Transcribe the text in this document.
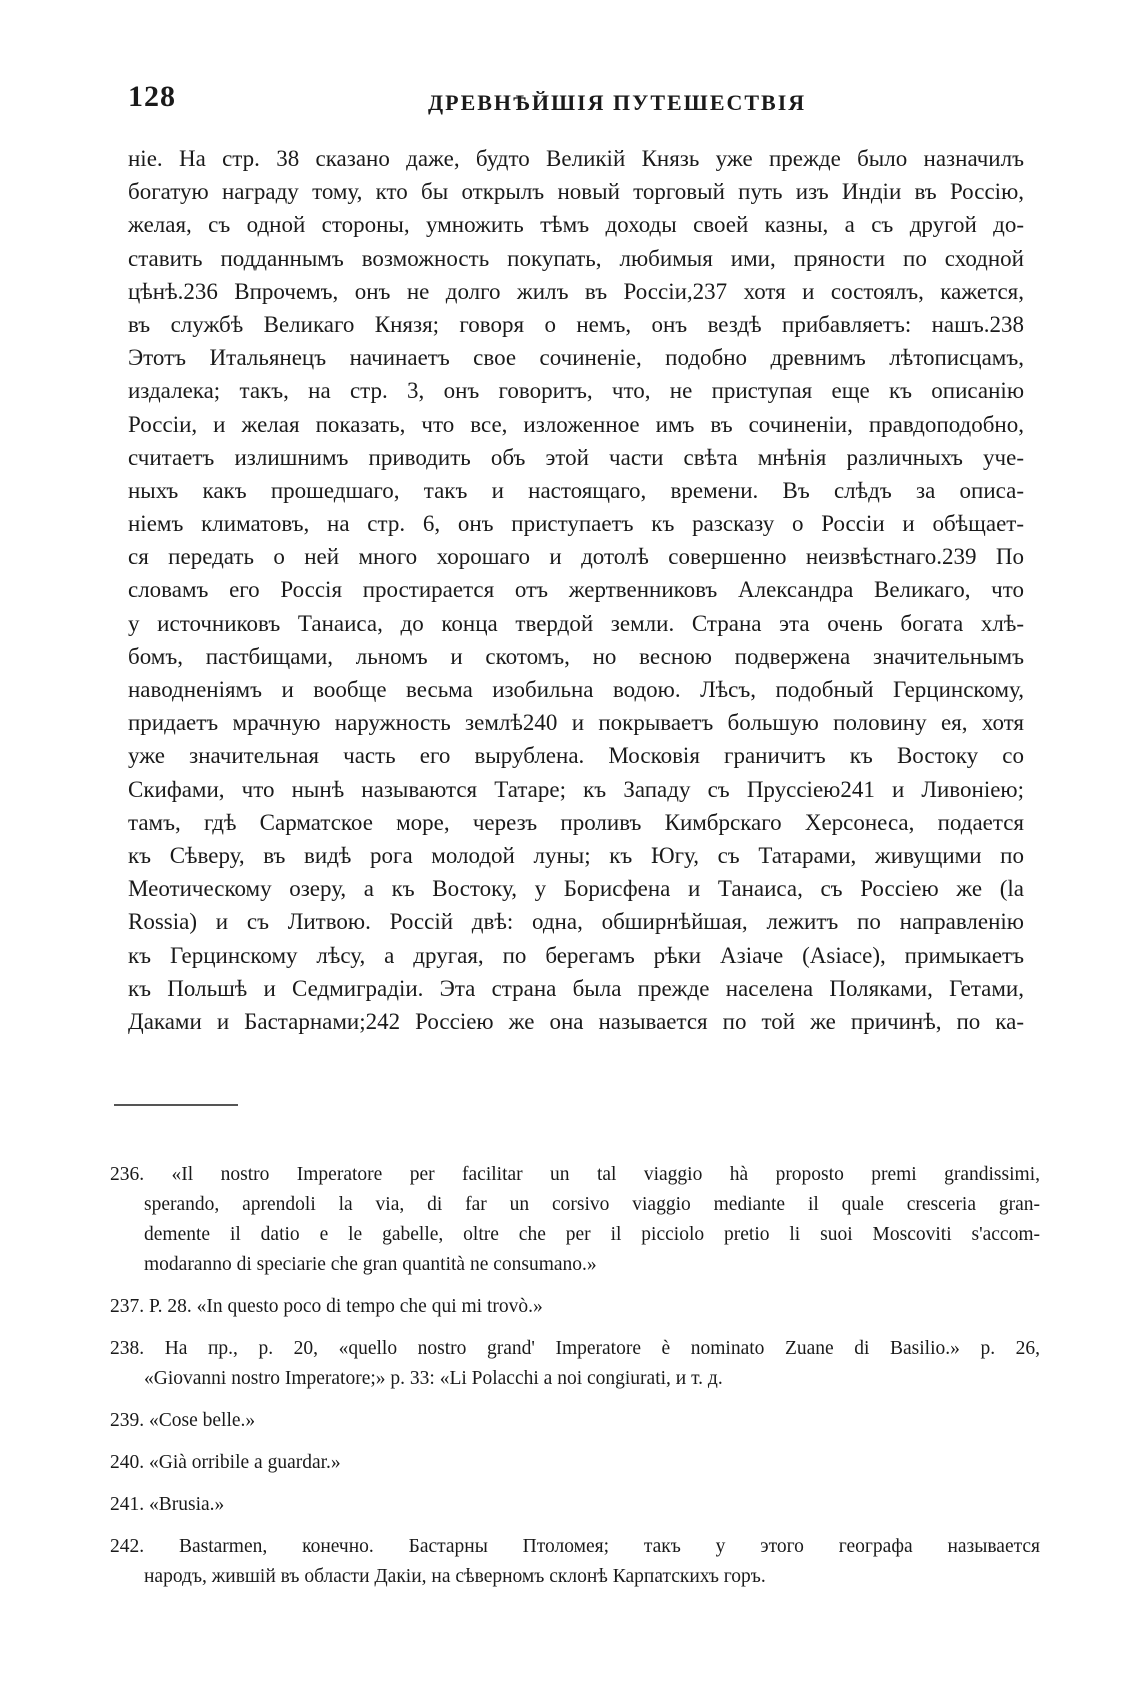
128	ДРЕВНѢЙШІЯ ПУТЕШЕСТВІЯ
ніе. На стр. 38 сказано даже, будто Великій Князь уже прежде было назначилъ
богатую награду тому, кто бы открылъ новый торговый путь изъ Индіи въ Россію,
желая, съ одной стороны, умножить тѣмъ доходы своей казны, а съ другой до-
ставить подданнымъ возможность покупать, любимыя ими, пряности по сходной
цѣнѣ.236 Впрочемъ, онъ не долго жилъ въ Россіи,237 хотя и состоялъ, кажется,
въ службѣ Великаго Князя; говоря о немъ, онъ вездѣ прибавляетъ: нашъ.238
Этотъ Итальянецъ начинаетъ свое сочиненіе, подобно древнимъ лѣтописцамъ,
издалека; такъ, на стр. 3, онъ говоритъ, что, не приступая еще къ описанію
Россіи, и желая показать, что все, изложенное имъ въ сочиненіи, правдоподобно,
считаетъ излишнимъ приводить объ этой части свѣта мнѣнія различныхъ уче-
ныхъ какъ прошедшаго, такъ и настоящаго, времени. Въ слѣдъ за описа-
ніемъ климатовъ, на стр. 6, онъ приступаетъ къ разсказу о Россіи и обѣщает-
ся передать о ней много хорошаго и дотолѣ совершенно неизвѣстнаго.239 По
словамъ его Россія простирается отъ жертвенниковъ Александра Великаго, что
у источниковъ Танаиса, до конца твердой земли. Страна эта очень богата хлѣ-
бомъ, пастбищами, льномъ и скотомъ, но весною подвержена значительнымъ
наводненіямъ и вообще весьма изобильна водою. Лѣсъ, подобный Герцинскому,
придаетъ мрачную наружность землѣ240 и покрываетъ большую половину ея, хотя
уже значительная часть его вырублена. Московія граничитъ къ Востоку со
Скифами, что нынѣ называются Татаре; къ Западу съ Пруссіею241 и Ливоніею;
тамъ, гдѣ Сарматское море, черезъ проливъ Кимбрскаго Херсонеса, подается
къ Сѣверу, въ видѣ рога молодой луны; къ Югу, съ Татарами, живущими по
Меотическому озеру, а къ Востоку, у Борисфена и Танаиса, съ Россіею же (la
Rossia) и съ Литвою. Россій двѣ: одна, обширнѣйшая, лежитъ по направленію
къ Герцинскому лѣсу, а другая, по берегамъ рѣки Азіаче (Asiace), примыкаетъ
къ Польшѣ и Седмиградіи. Эта страна была прежде населена Поляками, Гетами,
Даками и Бастарнами;242 Россіею же она называется по той же причинѣ, по ка-
236. «Il nostro Imperatore per facilitar un tal viaggio hà proposto premi grandissimi,
sperando, aprendoli la via, di far un corsivo viaggio mediante il quale cresceria gran-
demente il datio e le gabelle, oltre che per il picciolo pretio li suoi Moscoviti s'accom-
modaranno di speciarie che gran quantità ne consumano.»
237. P. 28. «In questo poco di tempo che qui mi trovò.»
238. На пр., p. 20, «quello nostro grand' Imperatore è nominato Zuane di Basilio.» p. 26,
«Giovanni nostro Imperatore;» p. 33: «Li Polacchi a noi congiurati, и т. д.
239. «Cose belle.»
240. «Già orribile a guardar.»
241. «Brusia.»
242. Bastarmen, конечно. Бастарны Птоломея; такъ у этого географа называется
народъ, жившій въ области Дакіи, на сѣверномъ склонѣ Карпатскихъ горъ.
